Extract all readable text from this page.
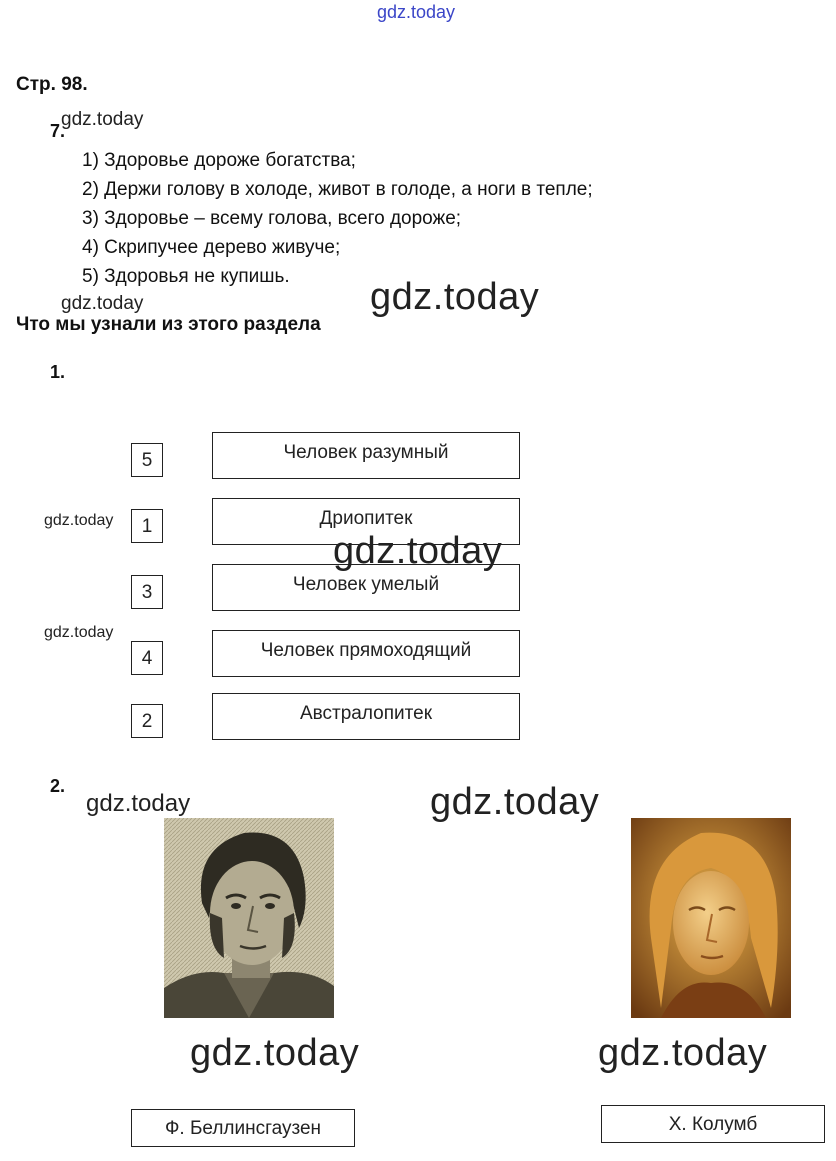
gdz.today
Стр. 98.
7.
gdz.today
1) Здоровье дороже богатства;
2) Держи голову в холоде, живот в голоде, а ноги в тепле;
3) Здоровье – всему голова, всего дороже;
4) Скрипучее дерево живуче;
5) Здоровья не купишь. gdz.today
gdz.today
Что мы узнали из этого раздела
1.
5	Человек разумный
1	Дриопитек
3	Человек умелый
4	Человек прямоходящий
2	Австралопитек
gdz.today
gdz.today
gdz.today
2.
gdz.today	gdz.today
gdz.today	gdz.today
Ф. Беллинсгаузен	Х. Колумб
